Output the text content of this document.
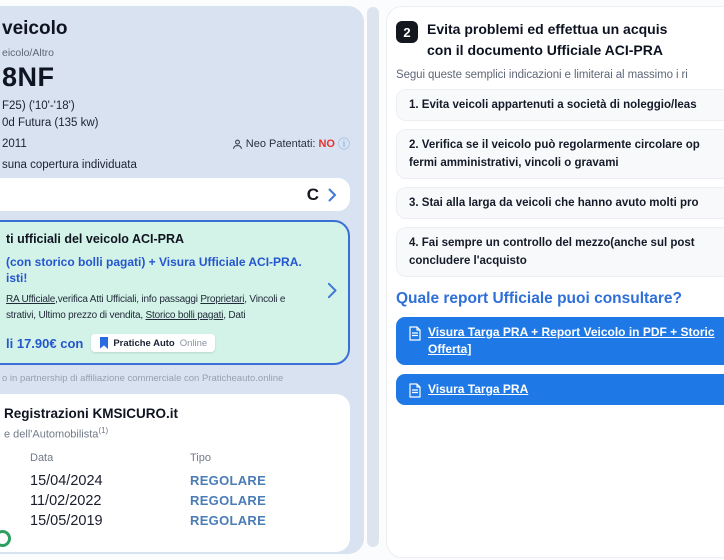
veicolo
eicolo/Altro
8NF
F25) ('10'-'18')
0d Futura (135 kw)
2011	Neo Patentati: NO ⓘ
suna copertura individuata
C
ti ufficiali del veicolo ACI-PRA
(con storico bolli pagati) + Visura Ufficiale ACI-PRA.
isti!
RA Ufficiale,verifica Atti Ufficiali, info passaggi Proprietari, Vincoli e
strativi, Ultimo prezzo di vendita, Storico bolli pagati, Dati
li 17.90€ con	Pratiche Auto Online
o in partnership di affiliazione commerciale con Praticheauto.online
Registrazioni KMSICURO.it
e dell'Automobilista$^{(1)}$
Data	Tipo
15/04/2024	REGOLARE
11/02/2022	REGOLARE
15/05/2019	REGOLARE
2	Evita problemi ed effettua un acquis
con il documento Ufficiale ACI-PRA
Segui queste semplici indicazioni e limiterai al massimo i ri
1. Evita veicoli appartenuti a società di noleggio/leas
2. Verifica se il veicolo può regolarmente circolare op
fermi amministrativi, vincoli o gravami
3. Stai alla larga da veicoli che hanno avuto molti pro
4. Fai sempre un controllo del mezzo(anche sul post
concludere l'acquisto
Quale report Ufficiale puoi consultare?
Visura Targa PRA + Report Veicolo in PDF + Storic
Offerta]
Visura Targa PRA
